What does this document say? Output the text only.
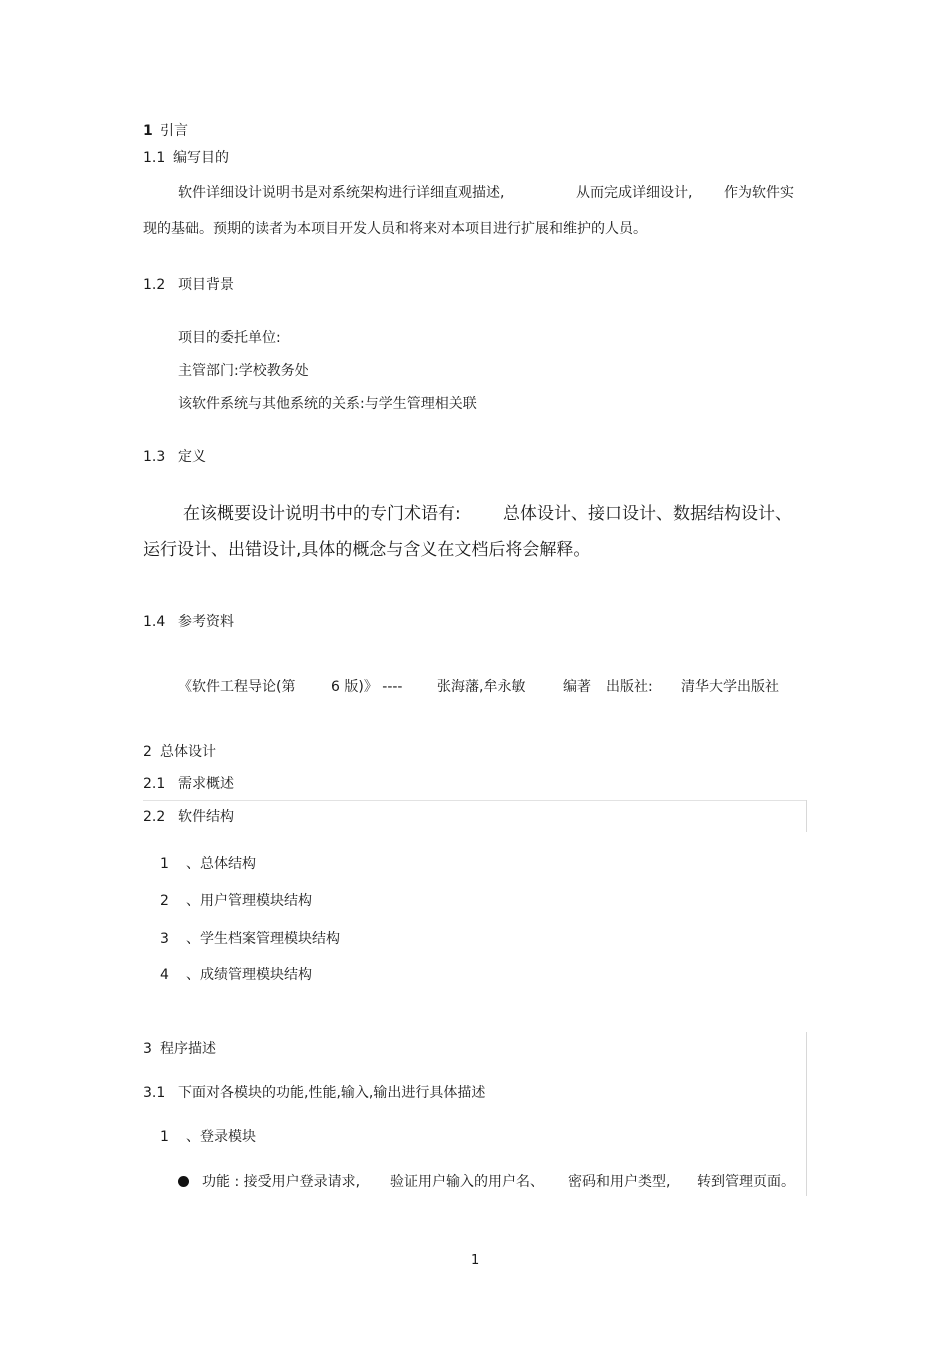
1 引言
1.1 编写目的
软件详细设计说明书是对系统架构进行详细直观描述,	从而完成详细设计, 作为软件实
现的基础。预期的读者为本项目开发人员和将来对本项目进行扩展和维护的人员。
1.2 项目背景
项目的委托单位:
主管部门:学校教务处
该软件系统与其他系统的关系:与学生管理相关联
1.3 定义
在该概要设计说明书中的专门术语有: 总体设计、接口设计、数据结构设计、
运行设计、出错设计,具体的概念与含义在文档后将会解释。
1.4 参考资料
《软件工程导论(第	6 版)》 ---- 张海藩,牟永敏	编著 出版社: 清华大学出版社
2 总体设计
2.1 需求概述
2.2 软件结构
1 、总体结构
2 、用户管理模块结构
3 、学生档案管理模块结构
4 、成绩管理模块结构
3 程序描述
3.1 下面对各模块的功能,性能,输入,输出进行具体描述
1 、登录模块
功能 : 接受用户登录请求, 验证用户输入的用户名、 密码和用户类型, 转到管理页面。
1
